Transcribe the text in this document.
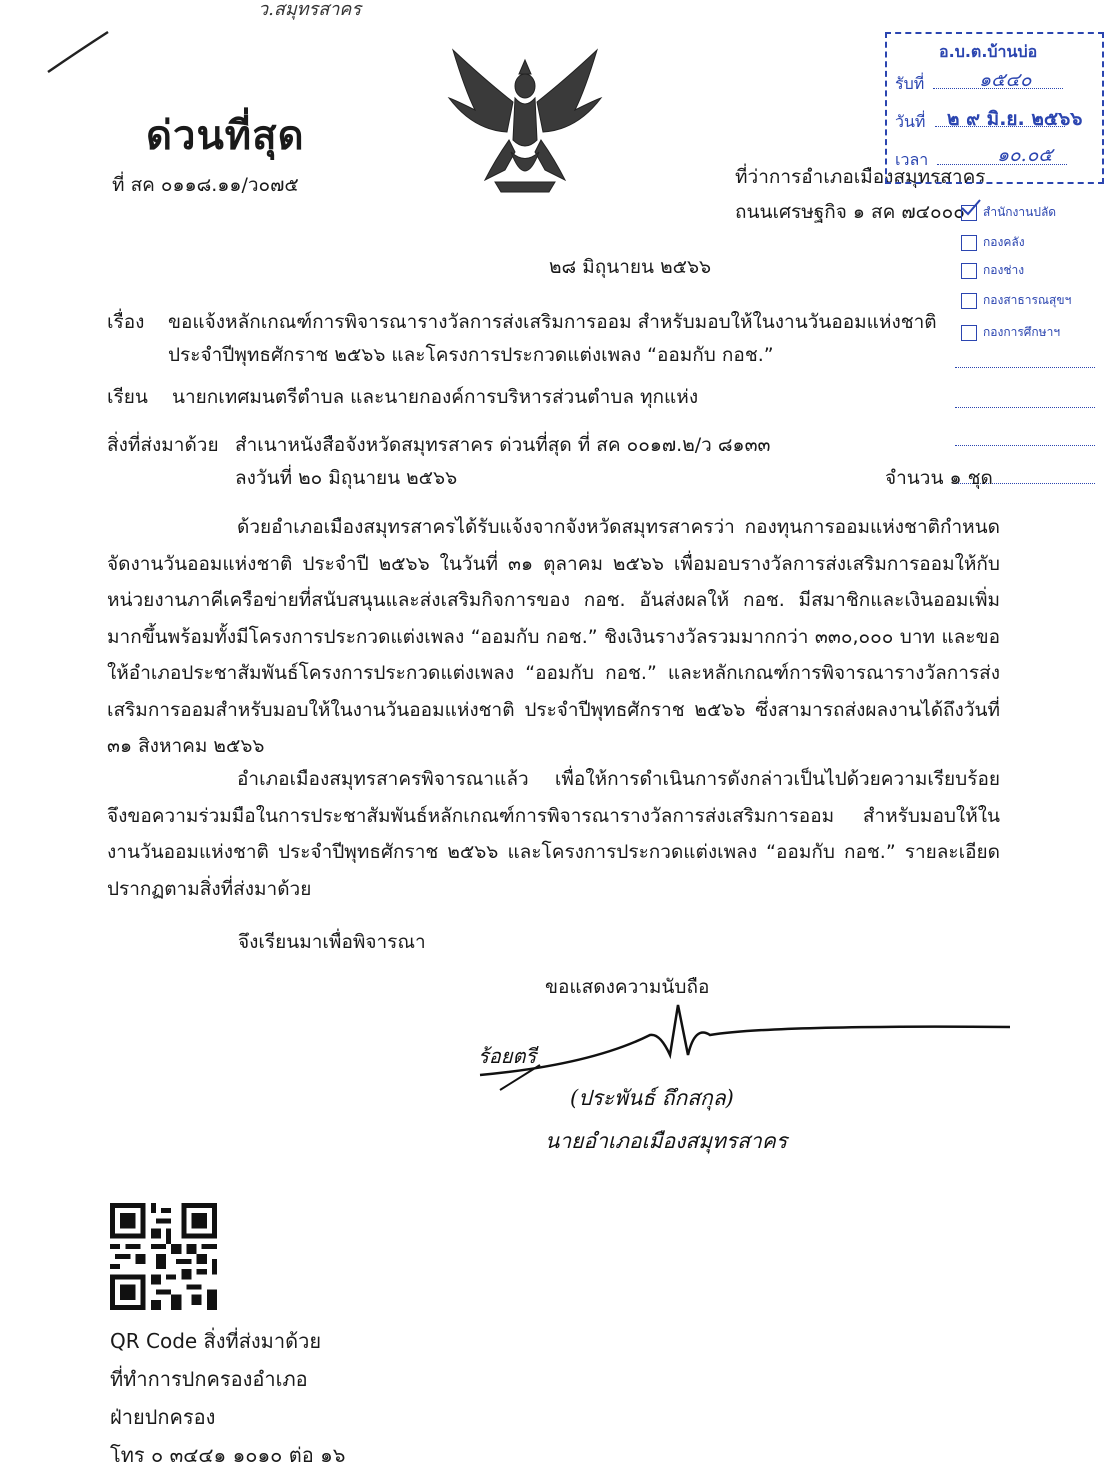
ว.สมุทรสาคร
ด่วนที่สุด
ที่ สค ๐๑๑๘.๑๑/ว๐๗๕	ที่ว่าการอำเภอเมืองสมุทรสาคร
ถนนเศรษฐกิจ ๑ สค ๗๔๐๐๐
๒๘ มิถุนายน ๒๕๖๖
อ.บ.ต.บ้านบ่อ
รับที่	๑๕๔๐
วันที่	๒ ๙ มิ.ย. ๒๕๖๖
เวลา	๑๐.๐๕
สำนักงานปลัด
กองคลัง
กองช่าง
กองสาธารณสุขฯ
กองการศึกษาฯ
เรื่อง ขอแจ้งหลักเกณฑ์การพิจารณารางวัลการส่งเสริมการออม สำหรับมอบให้ในงานวันออมแห่งชาติ
ประจำปีพุทธศักราช ๒๕๖๖ และโครงการประกวดแต่งเพลง “ออมกับ กอช.”
เรียน นายกเทศมนตรีตำบล และนายกองค์การบริหารส่วนตำบล ทุกแห่ง
สิ่งที่ส่งมาด้วย สำเนาหนังสือจังหวัดสมุทรสาคร ด่วนที่สุด ที่ สค ๐๐๑๗.๒/ว ๘๑๓๓
ลงวันที่ ๒๐ มิถุนายน ๒๕๖๖	จำนวน ๑ ชุด
ด้วยอำเภอเมืองสมุทรสาครได้รับแจ้งจากจังหวัดสมุทรสาครว่า กองทุนการออมแห่งชาติกำหนดจัดงานวันออมแห่งชาติ ประจำปี ๒๕๖๖ ในวันที่ ๓๑ ตุลาคม ๒๕๖๖ เพื่อมอบรางวัลการส่งเสริมการออมให้กับหน่วยงานภาคีเครือข่ายที่สนับสนุนและส่งเสริมกิจการของ กอช. อันส่งผลให้ กอช. มีสมาชิกและเงินออมเพิ่มมากขึ้นพร้อมทั้งมีโครงการประกวดแต่งเพลง “ออมกับ กอช.” ชิงเงินรางวัลรวมมากกว่า ๓๓๐,๐๐๐ บาท และขอให้อำเภอประชาสัมพันธ์โครงการประกวดแต่งเพลง “ออมกับ กอช.” และหลักเกณฑ์การพิจารณารางวัลการส่งเสริมการออมสำหรับมอบให้ในงานวันออมแห่งชาติ ประจำปีพุทธศักราช ๒๕๖๖ ซึ่งสามารถส่งผลงานได้ถึงวันที่ ๓๑ สิงหาคม ๒๕๖๖
อำเภอเมืองสมุทรสาครพิจารณาแล้ว เพื่อให้การดำเนินการดังกล่าวเป็นไปด้วยความเรียบร้อย จึงขอความร่วมมือในการประชาสัมพันธ์หลักเกณฑ์การพิจารณารางวัลการส่งเสริมการออม สำหรับมอบให้ในงานวันออมแห่งชาติ ประจำปีพุทธศักราช ๒๕๖๖ และโครงการประกวดแต่งเพลง “ออมกับ กอช.” รายละเอียดปรากฏตามสิ่งที่ส่งมาด้วย
จึงเรียนมาเพื่อพิจารณา
ขอแสดงความนับถือ
ร้อยตรี
(ประพันธ์ ถึกสกุล)
นายอำเภอเมืองสมุทรสาคร
QR Code สิ่งที่ส่งมาด้วย
ที่ทำการปกครองอำเภอ
ฝ่ายปกครอง
โทร ๐ ๓๔๔๑ ๑๐๑๐ ต่อ ๑๖
